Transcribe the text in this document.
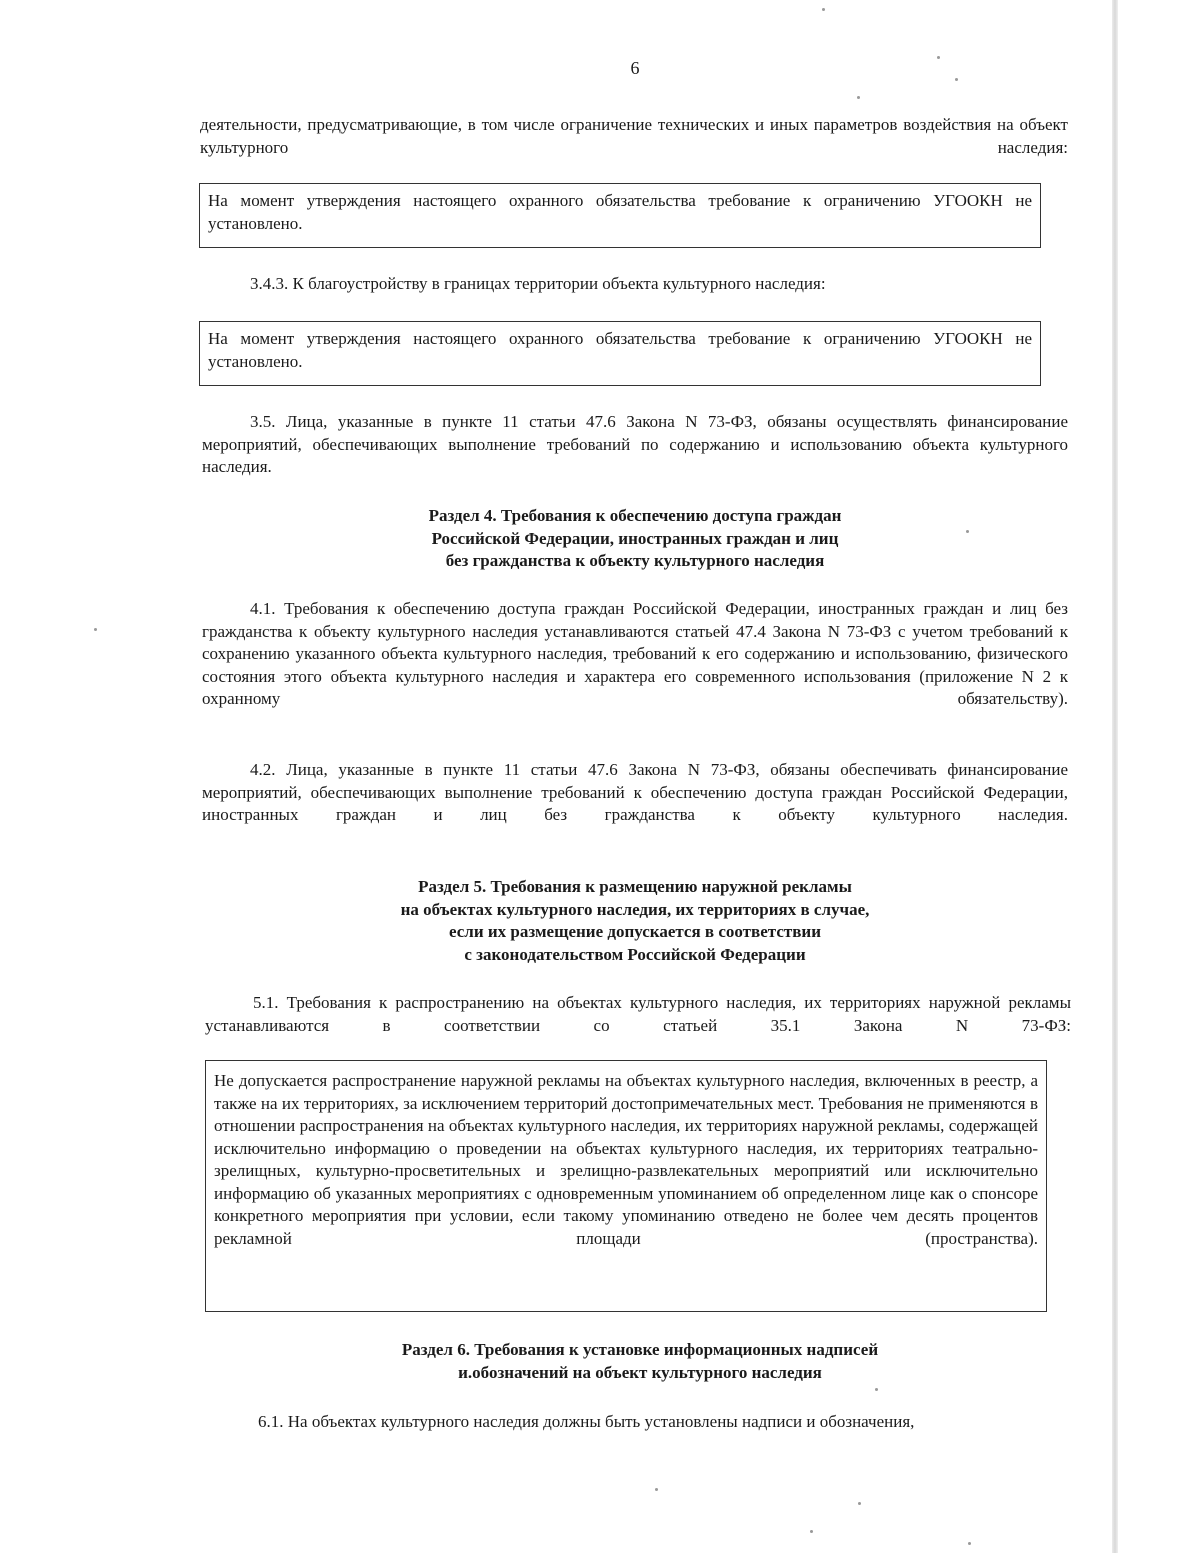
6
деятельности, предусматривающие, в том числе ограничение технических и иных параметров воздействия на объект культурного наследия:
На момент утверждения настоящего охранного обязательства требование к ограничению УГООКН не установлено.
3.4.3. К благоустройству в границах территории объекта культурного наследия:
На момент утверждения настоящего охранного обязательства требование к ограничению УГООКН не установлено.
3.5. Лица, указанные в пункте 11 статьи 47.6 Закона N 73-ФЗ, обязаны осуществлять финансирование мероприятий, обеспечивающих выполнение требований по содержанию и использованию объекта культурного наследия.
Раздел 4. Требования к обеспечению доступа граждан
Российской Федерации, иностранных граждан и лиц
без гражданства к объекту культурного наследия
4.1. Требования к обеспечению доступа граждан Российской Федерации, иностранных граждан и лиц без гражданства к объекту культурного наследия устанавливаются статьей 47.4 Закона N 73-ФЗ с учетом требований к сохранению указанного объекта культурного наследия, требований к его содержанию и использованию, физического состояния этого объекта культурного наследия и характера его современного использования (приложение N 2 к охранному обязательству).
4.2. Лица, указанные в пункте 11 статьи 47.6 Закона N 73-ФЗ, обязаны обеспечивать финансирование мероприятий, обеспечивающих выполнение требований к обеспечению доступа граждан Российской Федерации, иностранных граждан и лиц без гражданства к объекту культурного наследия.
Раздел 5. Требования к размещению наружной рекламы
на объектах культурного наследия, их территориях в случае,
если их размещение допускается в соответствии
с законодательством Российской Федерации
5.1. Требования к распространению на объектах культурного наследия, их территориях наружной рекламы устанавливаются в соответствии со статьей 35.1 Закона N 73-ФЗ:
Не допускается распространение наружной рекламы на объектах культурного наследия, включенных в реестр, а также на их территориях, за исключением территорий достопримечательных мест. Требования не применяются в отношении распространения на объектах культурного наследия, их территориях наружной рекламы, содержащей исключительно информацию о проведении на объектах культурного наследия, их территориях театрально-зрелищных, культурно-просветительных и зрелищно-развлекательных мероприятий или исключительно информацию об указанных мероприятиях с одновременным упоминанием об определенном лице как о спонсоре конкретного мероприятия при условии, если такому упоминанию отведено не более чем десять процентов рекламной площади (пространства).
Раздел 6. Требования к установке информационных надписей
и.обозначений на объект культурного наследия
6.1. На объектах культурного наследия должны быть установлены надписи и обозначения,
